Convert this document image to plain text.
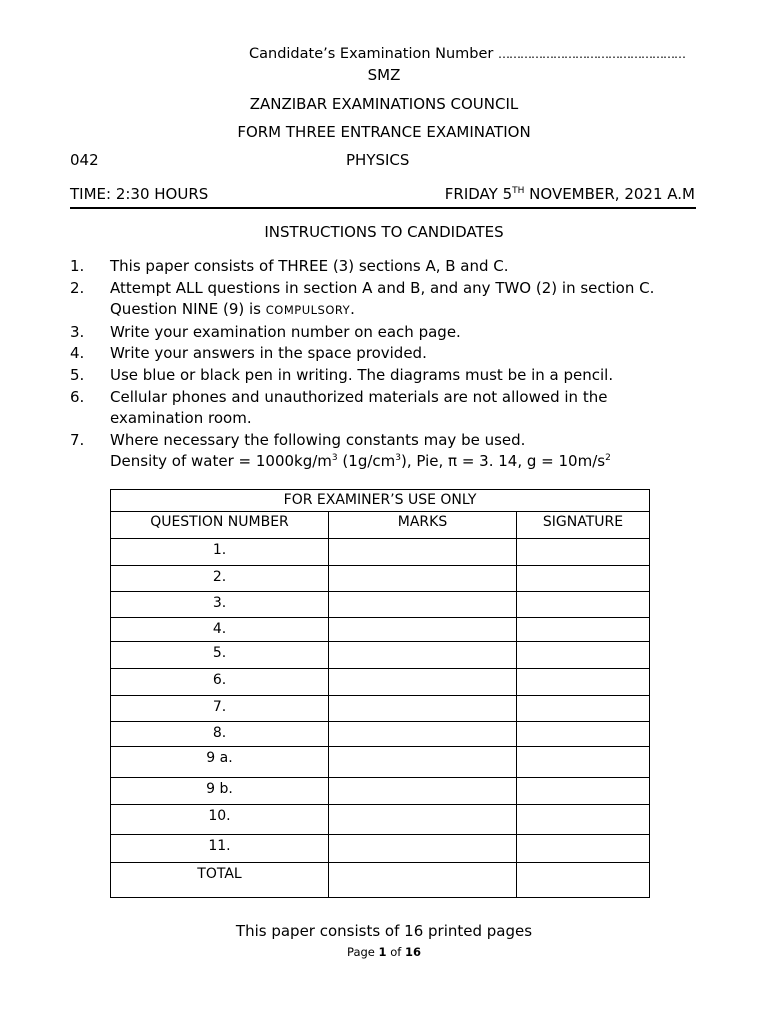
Candidate’s Examination Number ……………………………………………
SMZ
ZANZIBAR EXAMINATIONS COUNCIL
FORM THREE ENTRANCE EXAMINATION
042	PHYSICS
TIME: 2:30 HOURS	FRIDAY 5TH NOVEMBER, 2021 A.M
INSTRUCTIONS TO CANDIDATES
1.	This paper consists of THREE (3) sections A, B and C.
2.	Attempt ALL questions in section A and B, and any TWO (2) in section C.
Question NINE (9) is COMPULSORY.
3.	Write your examination number on each page.
4.	Write your answers in the space provided.
5.	Use blue or black pen in writing. The diagrams must be in a pencil.
6.	Cellular phones and unauthorized materials are not allowed in the
examination room.
7.	Where necessary the following constants may be used.
Density of water = $1000kg/m^3$ $(1g/cm^3)$, Pie, π = 3. 14, $g = 10m/s^2$
FOR EXAMINER’S USE ONLY		
QUESTION NUMBER	MARKS	SIGNATURE
1.		
2.		
3.		
4.		
5.		
6.		
7.		
8.		
9 a.		
9 b.		
10.		
11.		
TOTAL		
This paper consists of 16 printed pages
Page 1 of 16
